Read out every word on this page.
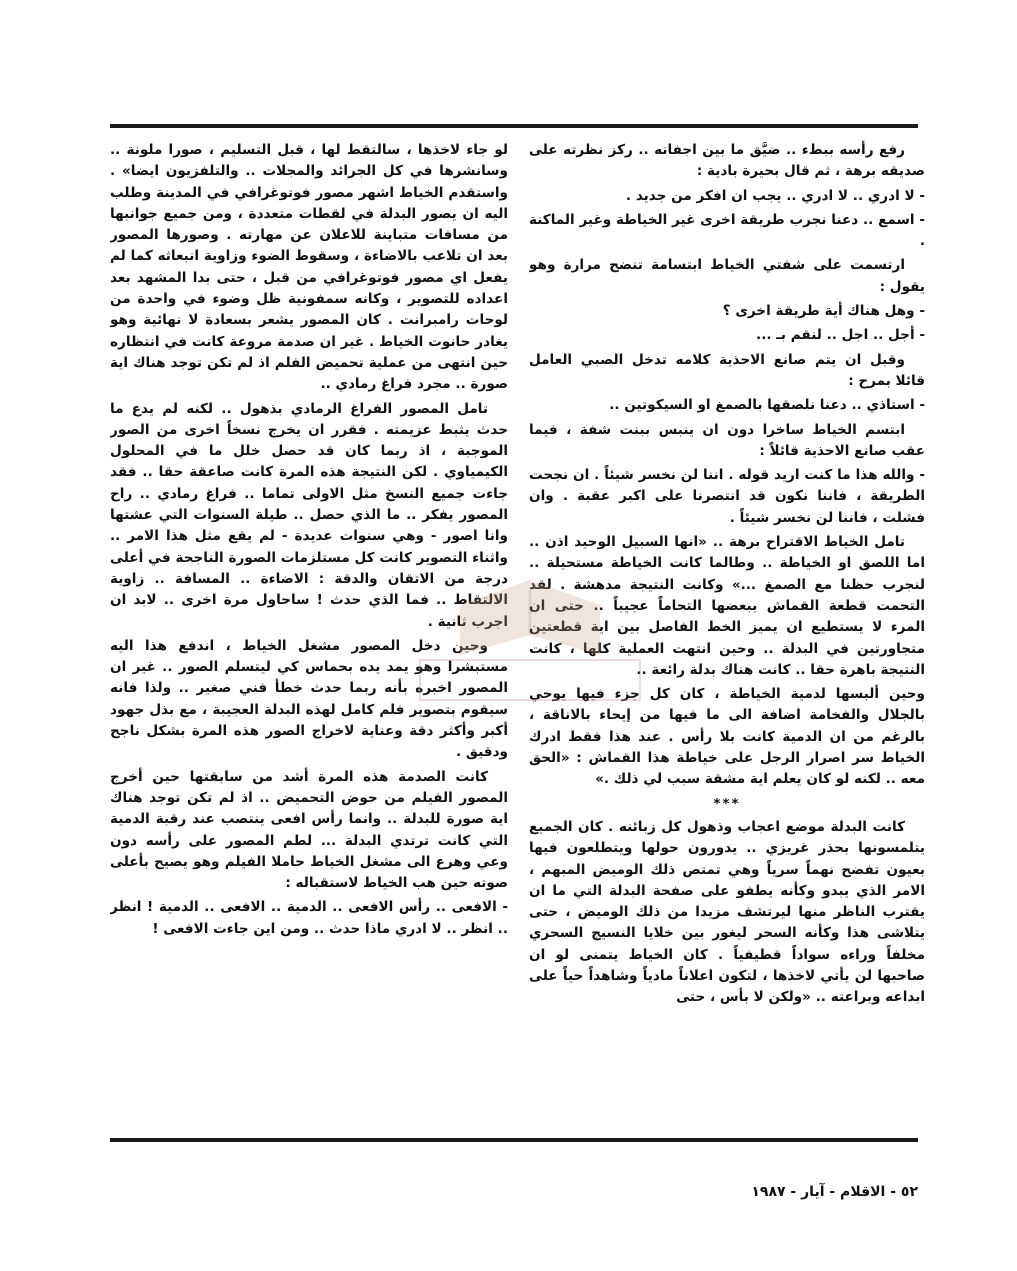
رفع رأسه ببطء .. ضيَّق ما بين اجفانه .. ركز نظرته على صديقه برهة ، ثم قال بحيرة بادية :

- لا ادري .. لا ادري .. يجب ان افكر من جديد .

- اسمع .. دعنا نجرب طريقة اخرى غير الخياطة وغير الماكنة .

ارتسمت على شفتي الخياط ابتسامة تنضح مرارة وهو يقول :

- وهل هناك أية طريقة اخرى ؟

- أجل .. اجل .. لنقم بـ ...

وقبل ان يتم صانع الاحذية كلامه تدخل الصبي العامل قائلا بمرح :

- استاذي .. دعنا نلصقها بالصمغ او السيكوتين ..

ابتسم الخياط ساخرا دون ان ينبس ببنت شفة ، فيما عقب صانع الاحذية قائلاً :

- والله هذا ما كنت اريد قوله . اننا لن نخسر شيئاً . ان نجحت الطريقة ، فاننا نكون قد انتصرنا على اكبر عقبة . وان فشلت ، فاننا لن نخسر شيئاً .

تامل الخياط الاقتراح برهة .. «انها السبيل الوحيد اذن .. اما اللصق او الخياطة .. وطالما كانت الخياطة مستحيلة .. لنجرب حظنا مع الصمغ ...» وكانت النتيجة مدهشة . لقد التحمت قطعة القماش ببعضها التحاماً عجيباً .. حتى ان المرء لا يستطيع ان يميز الخط الفاصل بين اية قطعتين متجاورتين في البدلة .. وحين انتهت العملية كلها ، كانت النتيجة باهرة حقا .. كانت هناك بدلة رائعة ..

وحين ألبسها لدمية الخياطة ، كان كل جزء فيها يوحي بالجلال والفخامة اضافة الى ما فيها من إيحاء بالاناقة ، بالرغم من ان الدمية كانت بلا رأس . عند هذا فقط ادرك الخياط سر اصرار الرجل على خياطة هذا القماش : «الحق معه .. لكنه لو كان يعلم اية مشقة سبب لي ذلك .»

***

كانت البدلة موضع اعجاب وذهول كل زبائنه . كان الجميع يتلمسونها بحذر غريزي .. يدورون حولها ويتطلعون فيها بعيون تفضح نهماً سرياً وهي تمتص ذلك الوميض المبهم ، الامر الذي يبدو وكأنه يطفو على صفحة البدلة التي ما ان يقترب الناظر منها ليرتشف مزيدا من ذلك الوميض ، حتى يتلاشى هذا وكأنه السحر ليغور بين خلايا النسيج السحري مخلفاً وراءه سواداً قطيفياً . كان الخياط يتمنى لو ان صاحبها لن يأتي لاخذها ، لتكون اعلاناً مادياً وشاهداً حياً على ابداعه وبراعته .. «ولكن لا بأس ، حتى

لو جاء لاخذها ، سالتقط لها ، قبل التسليم ، صورا ملونة .. وسانشرها في كل الجرائد والمجلات .. والتلفزيون ايضا» . واستقدم الخياط اشهر مصور فوتوغرافي في المدينة وطلب اليه ان يصور البدلة في لقطات متعددة ، ومن جميع جوانبها من مسافات متباينة للاعلان عن مهارته . وصورها المصور بعد ان تلاعب بالاضاءة ، وسقوط الضوء وزاوية انبعاثه كما لم يفعل اي مصور فوتوغرافي من قبل ، حتى بدا المشهد بعد اعداده للتصوير ، وكانه سمفونية ظل وضوء في واحدة من لوحات رامبرانت . كان المصور يشعر بسعادة لا نهائية وهو يغادر حانوت الخياط . غير ان صدمة مروعة كانت في انتظاره حين انتهى من عملية تحميض الفلم اذ لم تكن توجد هناك اية صورة .. مجرد فراغ رمادي ..

تامل المصور الفراغ الرمادي بذهول .. لكنه لم يدع ما حدث يثبط عزيمته . فقرر ان يخرج نسخاً اخرى من الصور الموجبة ، اذ ربما كان قد حصل خلل ما في المحلول الكيمياوي . لكن النتيجة هذه المرة كانت صاعقة حقا .. فقد جاءت جميع النسخ مثل الاولى تماما .. فراغ رمادي .. راح المصور يفكر .. ما الذي حصل .. طيلة السنوات التي عشتها وانا اصور - وهي سنوات عديدة - لم يقع مثل هذا الامر .. واثناء التصوير كانت كل مستلزمات الصورة الناجحة في أعلى درجة من الاتقان والدقة : الاضاءة .. المسافة .. زاوية الالتقاط .. فما الذي حدث ! ساحاول مرة اخرى .. لابد ان اجرب ثانية .

وحين دخل المصور مشغل الخياط ، اندفع هذا اليه مستبشرا وهو يمد يده بحماس كي ليتسلم الصور .. غير ان المصور اخبره بأنه ربما حدث خطأ فني صغير .. ولذا فانه سيقوم بتصوير فلم كامل لهذه البدلة العجيبة ، مع بذل جهود أكبر وأكثر دقة وعناية لاخراج الصور هذه المرة بشكل ناجح ودقيق .

كانت الصدمة هذه المرة أشد من سابقتها حين أخرج المصور الفيلم من حوض التحميض .. اذ لم تكن توجد هناك اية صورة للبدلة .. وانما رأس افعى ينتصب عند رقبة الدمية التي كانت ترتدي البدلة ... لطم المصور على رأسه دون وعي وهرع الى مشغل الخياط حاملا الفيلم وهو يصيح بأعلى صوته حين هب الخياط لاستقباله :

- الافعى .. رأس الافعى .. الدمية .. الافعى .. الدمية ! انظر .. انظر .. لا ادري ماذا حدث .. ومن اين جاءت الافعى !

٥٢ - الاقلام - آيار - ١٩٨٧
